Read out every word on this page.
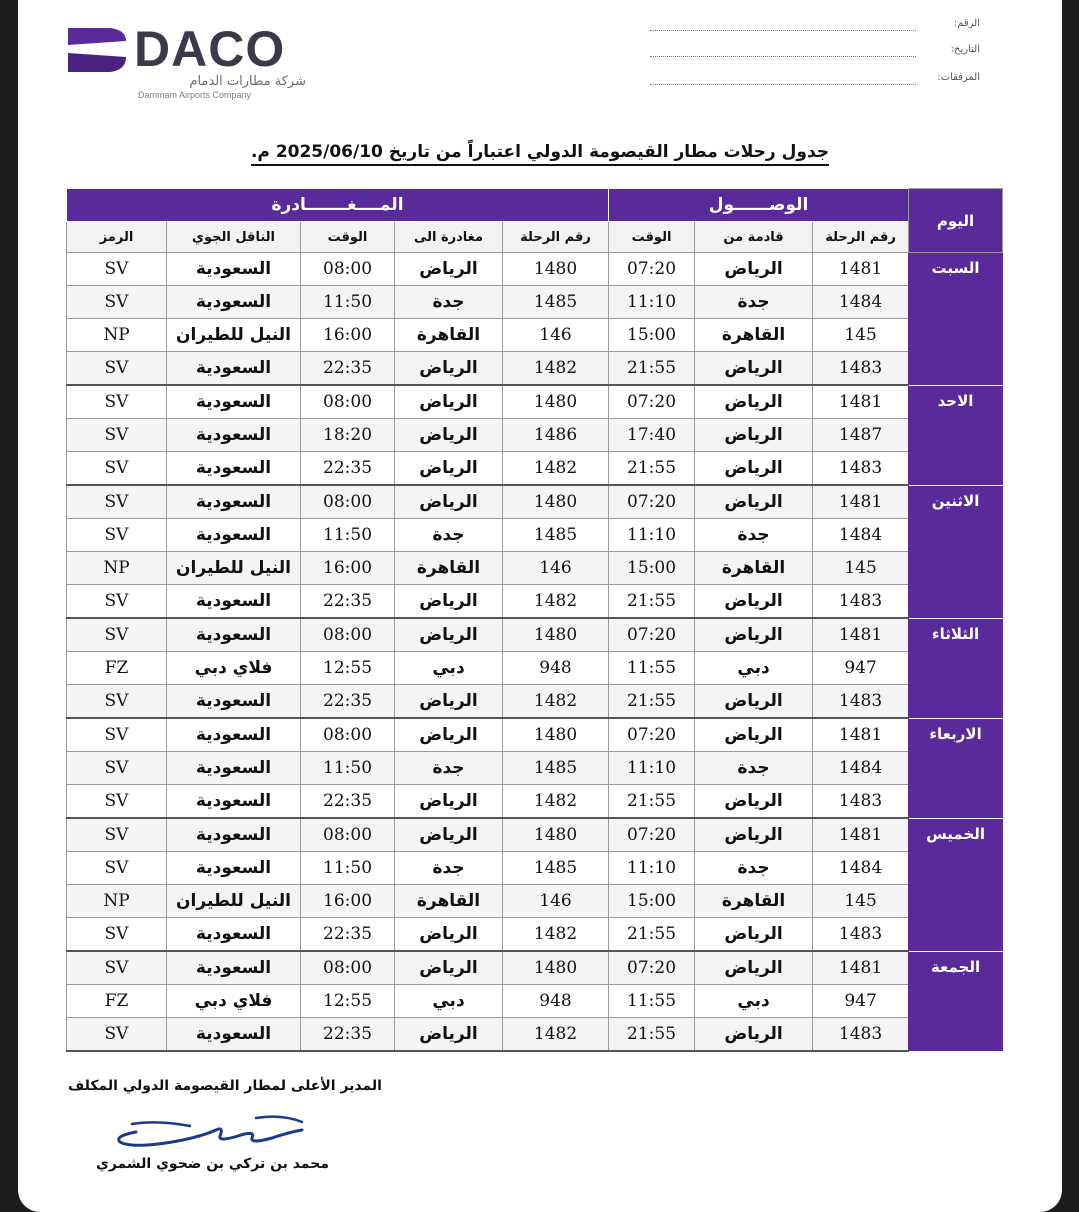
DACO
شركة مطارات الدمام
Dammam Airports Company
الرقم:
التاريخ:
المرفقات:
جدول رحلات مطار القيصومة الدولي اعتباراً من تاريخ 2025/06/10 م.
اليوم	الوصــــــول			المــــغـــــــادرة				
	رقم الرحلة	قادمة من	الوقت	رقم الرحلة	مغادرة الى	الوقت	الناقل الجوي	الرمز
السبت	1481	الرياض	07:20	1480	الرياض	08:00	السعودية	SV
	1484	جدة	11:10	1485	جدة	11:50	السعودية	SV
	145	القاهرة	15:00	146	القاهرة	16:00	النيل للطيران	NP
	1483	الرياض	21:55	1482	الرياض	22:35	السعودية	SV
الاحد	1481	الرياض	07:20	1480	الرياض	08:00	السعودية	SV
	1487	الرياض	17:40	1486	الرياض	18:20	السعودية	SV
	1483	الرياض	21:55	1482	الرياض	22:35	السعودية	SV
الاثنين	1481	الرياض	07:20	1480	الرياض	08:00	السعودية	SV
	1484	جدة	11:10	1485	جدة	11:50	السعودية	SV
	145	القاهرة	15:00	146	القاهرة	16:00	النيل للطيران	NP
	1483	الرياض	21:55	1482	الرياض	22:35	السعودية	SV
الثلاثاء	1481	الرياض	07:20	1480	الرياض	08:00	السعودية	SV
	947	دبي	11:55	948	دبي	12:55	فلاي دبي	FZ
	1483	الرياض	21:55	1482	الرياض	22:35	السعودية	SV
الاربعاء	1481	الرياض	07:20	1480	الرياض	08:00	السعودية	SV
	1484	جدة	11:10	1485	جدة	11:50	السعودية	SV
	1483	الرياض	21:55	1482	الرياض	22:35	السعودية	SV
الخميس	1481	الرياض	07:20	1480	الرياض	08:00	السعودية	SV
	1484	جدة	11:10	1485	جدة	11:50	السعودية	SV
	145	القاهرة	15:00	146	القاهرة	16:00	النيل للطيران	NP
	1483	الرياض	21:55	1482	الرياض	22:35	السعودية	SV
الجمعة	1481	الرياض	07:20	1480	الرياض	08:00	السعودية	SV
	947	دبي	11:55	948	دبي	12:55	فلاي دبي	FZ
	1483	الرياض	21:55	1482	الرياض	22:35	السعودية	SV
المدير الأعلى لمطار القيصومة الدولي المكلف
محمد بن تركي بن ضحوي الشمري
